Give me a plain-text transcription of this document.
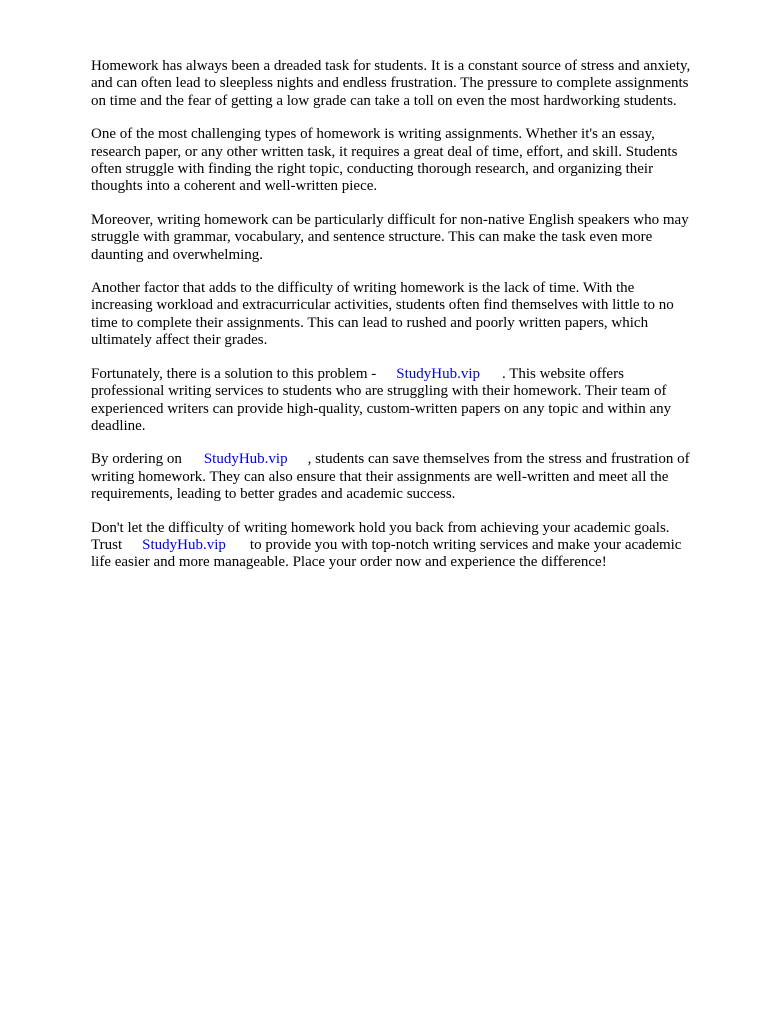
Homework has always been a dreaded task for students. It is a constant source of stress and anxiety,
and can often lead to sleepless nights and endless frustration. The pressure to complete assignments
on time and the fear of getting a low grade can take a toll on even the most hardworking students.

One of the most challenging types of homework is writing assignments. Whether it's an essay,
research paper, or any other written task, it requires a great deal of time, effort, and skill. Students
often struggle with finding the right topic, conducting thorough research, and organizing their
thoughts into a coherent and well-written piece.

Moreover, writing homework can be particularly difficult for non-native English speakers who may
struggle with grammar, vocabulary, and sentence structure. This can make the task even more
daunting and overwhelming.

Another factor that adds to the difficulty of writing homework is the lack of time. With the
increasing workload and extracurricular activities, students often find themselves with little to no
time to complete their assignments. This can lead to rushed and poorly written papers, which
ultimately affect their grades.

Fortunately, there is a solution to this problem - StudyHub.vip . This website offers
professional writing services to students who are struggling with their homework. Their team of
experienced writers can provide high-quality, custom-written papers on any topic and within any
deadline.

By ordering on StudyHub.vip , students can save themselves from the stress and frustration of
writing homework. They can also ensure that their assignments are well-written and meet all the
requirements, leading to better grades and academic success.

Don't let the difficulty of writing homework hold you back from achieving your academic goals.
Trust StudyHub.vip to provide you with top-notch writing services and make your academic
life easier and more manageable. Place your order now and experience the difference!
